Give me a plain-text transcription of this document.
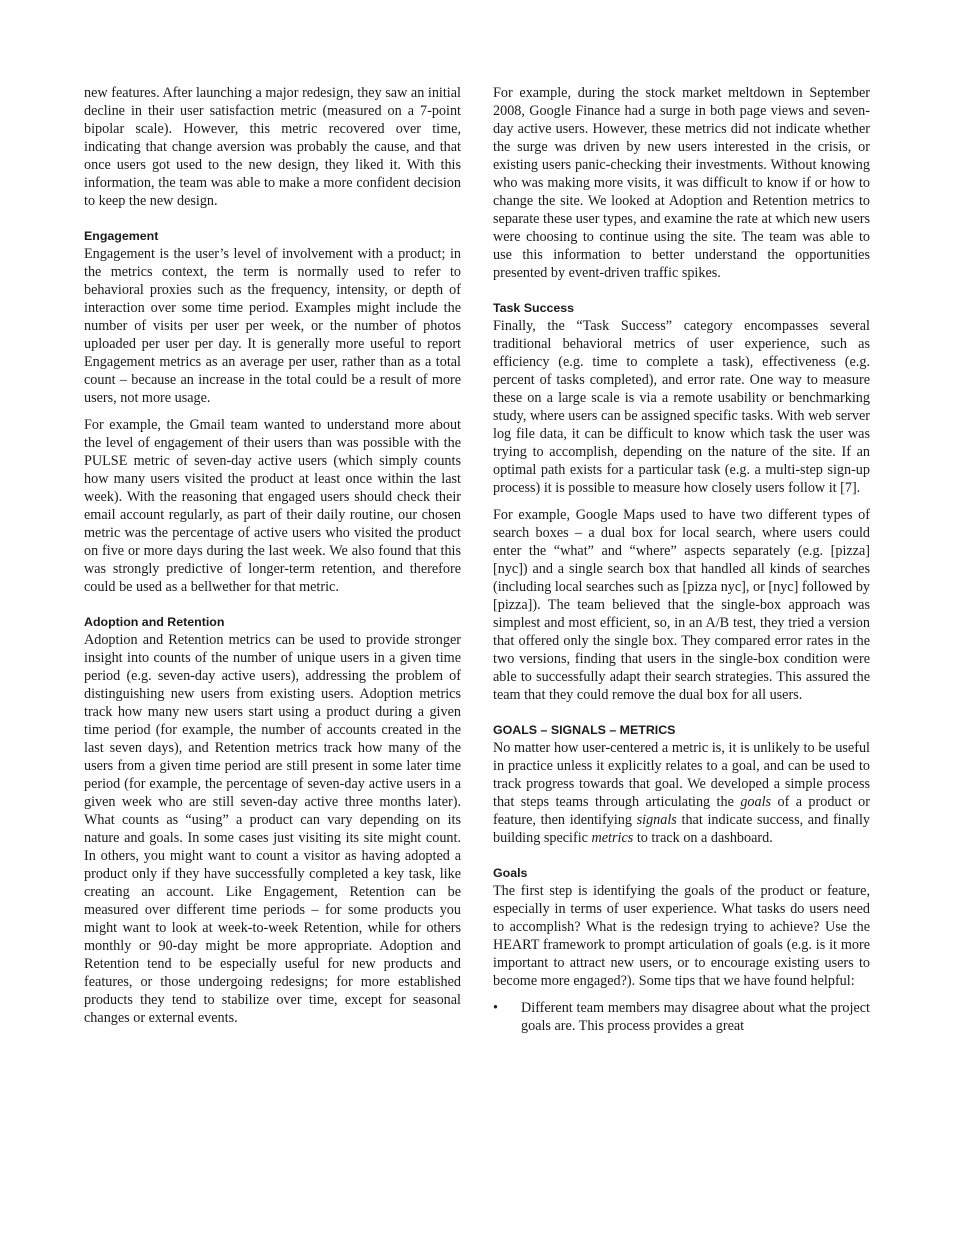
new features. After launching a major redesign, they saw an initial decline in their user satisfaction metric (measured on a 7-point bipolar scale). However, this metric recovered over time, indicating that change aversion was probably the cause, and that once users got used to the new design, they liked it. With this information, the team was able to make a more confident decision to keep the new design.

Engagement

Engagement is the user’s level of involvement with a product; in the metrics context, the term is normally used to refer to behavioral proxies such as the frequency, intensity, or depth of interaction over some time period. Examples might include the number of visits per user per week, or the number of photos uploaded per user per day. It is generally more useful to report Engagement metrics as an average per user, rather than as a total count – because an increase in the total could be a result of more users, not more usage.

For example, the Gmail team wanted to understand more about the level of engagement of their users than was possible with the PULSE metric of seven-day active users (which simply counts how many users visited the product at least once within the last week). With the reasoning that engaged users should check their email account regularly, as part of their daily routine, our chosen metric was the percentage of active users who visited the product on five or more days during the last week. We also found that this was strongly predictive of longer-term retention, and therefore could be used as a bellwether for that metric.

Adoption and Retention

Adoption and Retention metrics can be used to provide stronger insight into counts of the number of unique users in a given time period (e.g. seven-day active users), addressing the problem of distinguishing new users from existing users. Adoption metrics track how many new users start using a product during a given time period (for example, the number of accounts created in the last seven days), and Retention metrics track how many of the users from a given time period are still present in some later time period (for example, the percentage of seven-day active users in a given week who are still seven-day active three months later). What counts as “using” a product can vary depending on its nature and goals. In some cases just visiting its site might count. In others, you might want to count a visitor as having adopted a product only if they have successfully completed a key task, like creating an account. Like Engagement, Retention can be measured over different time periods – for some products you might want to look at week-to-week Retention, while for others monthly or 90-day might be more appropriate. Adoption and Retention tend to be especially useful for new products and features, or those undergoing redesigns; for more established products they tend to stabilize over time, except for seasonal changes or external events.

For example, during the stock market meltdown in September 2008, Google Finance had a surge in both page views and seven-day active users. However, these metrics did not indicate whether the surge was driven by new users interested in the crisis, or existing users panic-checking their investments. Without knowing who was making more visits, it was difficult to know if or how to change the site. We looked at Adoption and Retention metrics to separate these user types, and examine the rate at which new users were choosing to continue using the site. The team was able to use this information to better understand the opportunities presented by event-driven traffic spikes.

Task Success

Finally, the “Task Success” category encompasses several traditional behavioral metrics of user experience, such as efficiency (e.g. time to complete a task), effectiveness (e.g. percent of tasks completed), and error rate. One way to measure these on a large scale is via a remote usability or benchmarking study, where users can be assigned specific tasks. With web server log file data, it can be difficult to know which task the user was trying to accomplish, depending on the nature of the site. If an optimal path exists for a particular task (e.g. a multi-step sign-up process) it is possible to measure how closely users follow it [7].

For example, Google Maps used to have two different types of search boxes – a dual box for local search, where users could enter the “what” and “where” aspects separately (e.g. [pizza][nyc]) and a single search box that handled all kinds of searches (including local searches such as [pizza nyc], or [nyc] followed by [pizza]). The team believed that the single-box approach was simplest and most efficient, so, in an A/B test, they tried a version that offered only the single box. They compared error rates in the two versions, finding that users in the single-box condition were able to successfully adapt their search strategies. This assured the team that they could remove the dual box for all users.

GOALS – SIGNALS – METRICS

No matter how user-centered a metric is, it is unlikely to be useful in practice unless it explicitly relates to a goal, and can be used to track progress towards that goal. We developed a simple process that steps teams through articulating the goals of a product or feature, then identifying signals that indicate success, and finally building specific metrics to track on a dashboard.

Goals

The first step is identifying the goals of the product or feature, especially in terms of user experience. What tasks do users need to accomplish? What is the redesign trying to achieve? Use the HEART framework to prompt articulation of goals (e.g. is it more important to attract new users, or to encourage existing users to become more engaged?). Some tips that we have found helpful:

• Different team members may disagree about what the project goals are. This process provides a great
